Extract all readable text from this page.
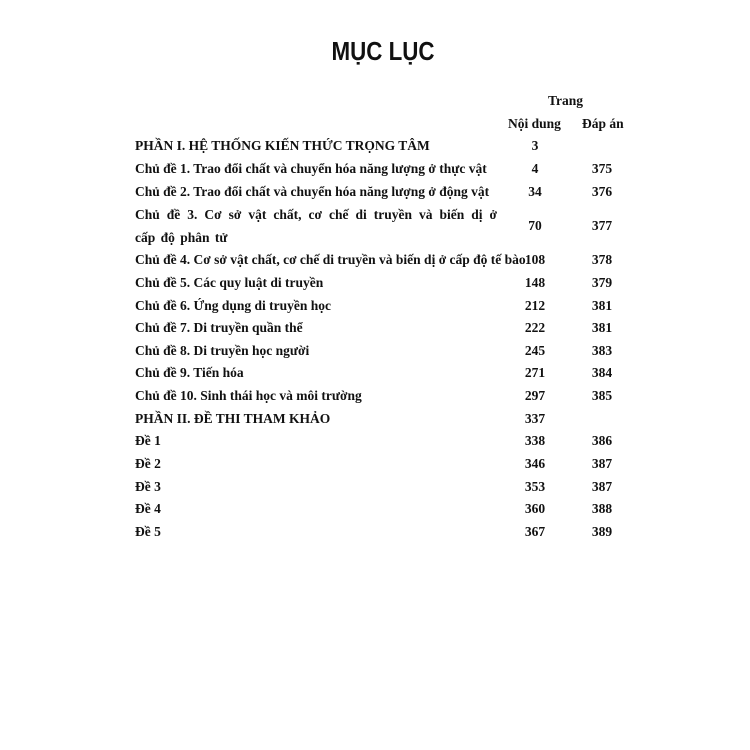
MỤC LỤC
Trang
Nội dung Đáp án
PHẦN I. HỆ THỐNG KIẾN THỨC TRỌNG TÂM	3
Chủ đề 1. Trao đổi chất và chuyển hóa năng lượng ở thực vật	4	375
Chủ đề 2. Trao đổi chất và chuyển hóa năng lượng ở động vật	34	376
Chủ đề 3. Cơ sở vật chất, cơ chế di truyền và biến dị ở cấp độ phân tử
70	377
Chủ đề 4. Cơ sở vật chất, cơ chế di truyền và biến dị ở cấp độ tế bào 108	378
Chủ đề 5. Các quy luật di truyền	148	379
Chủ đề 6. Ứng dụng di truyền học	212	381
Chủ đề 7. Di truyền quần thể	222	381
Chủ đề 8. Di truyền học người	245	383
Chủ đề 9. Tiến hóa	271	384
Chủ đề 10. Sinh thái học và môi trường	297	385
PHẦN II. ĐỀ THI THAM KHẢO	337
Đề 1	338	386
Đề 2	346	387
Đề 3	353	387
Đề 4	360	388
Đề 5	367	389
